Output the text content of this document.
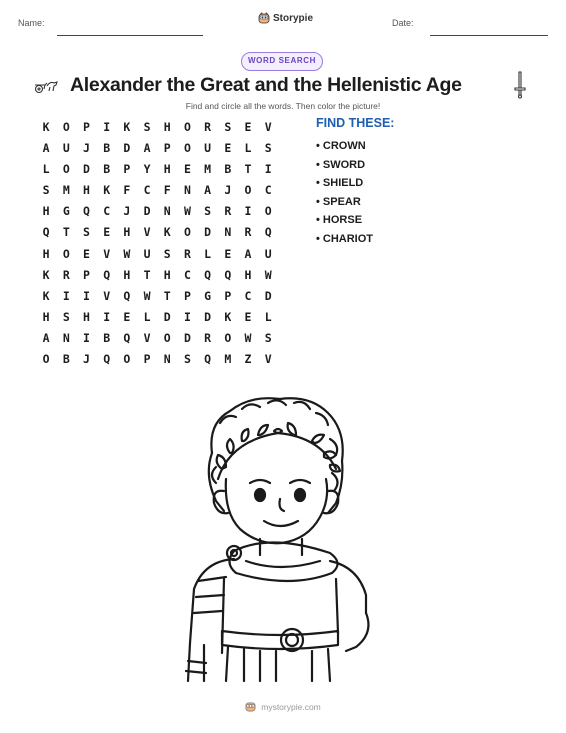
Name:	Storypie	Date:
WORD SEARCH
Alexander the Great and the Hellenistic Age
Find and circle all the words. Then color the picture!
K	O	P	I	K	S	H	O	R	S	E	V
A	U	J	B	D	A	P	O	U	E	L	S
L	O	D	B	P	Y	H	E	M	B	T	I
S	M	H	K	F	C	F	N	A	J	O	C
H	G	Q	C	J	D	N	W	S	R	I	O
Q	T	S	E	H	V	K	O	D	N	R	Q
H	O	E	V	W	U	S	R	L	E	A	U
K	R	P	Q	H	T	H	C	Q	Q	H	W
K	I	I	V	Q	W	T	P	G	P	C	D
H	S	H	I	E	L	D	I	D	K	E	L
A	N	I	B	Q	V	O	D	R	O	W	S
O	B	J	Q	O	P	N	S	Q	M	Z	V
FIND THESE:
• CROWN
• SWORD
• SHIELD
• SPEAR
• HORSE
• CHARIOT
mystorypie.com
